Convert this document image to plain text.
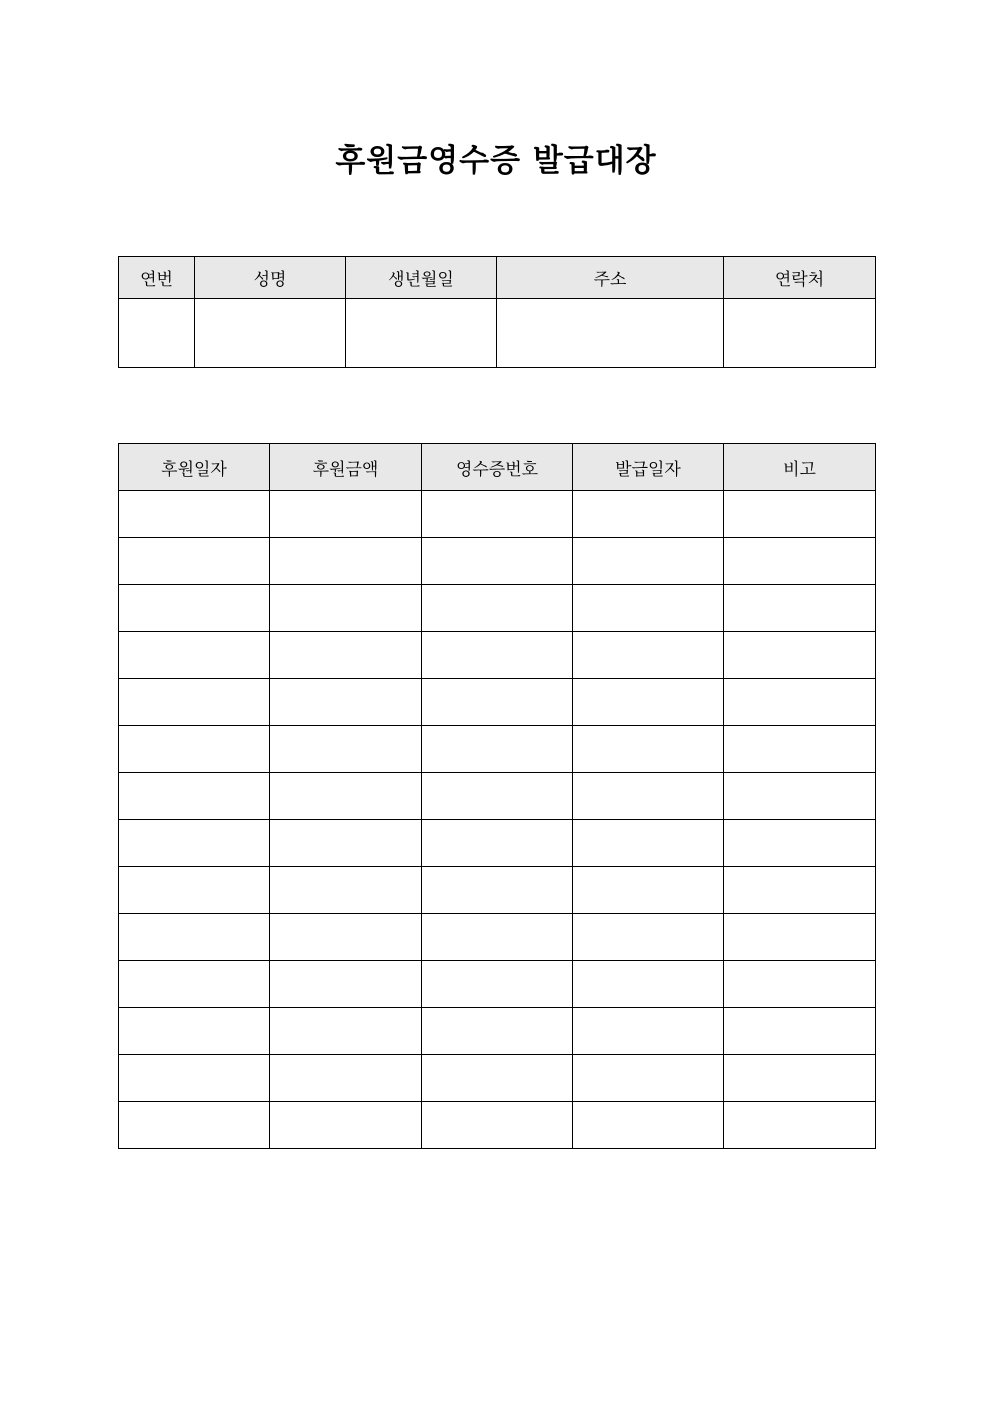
후원금영수증 발급대장
연번	성명	생년월일	주소	연락처

후원일자	후원금액	영수증번호	발급일자	비고
